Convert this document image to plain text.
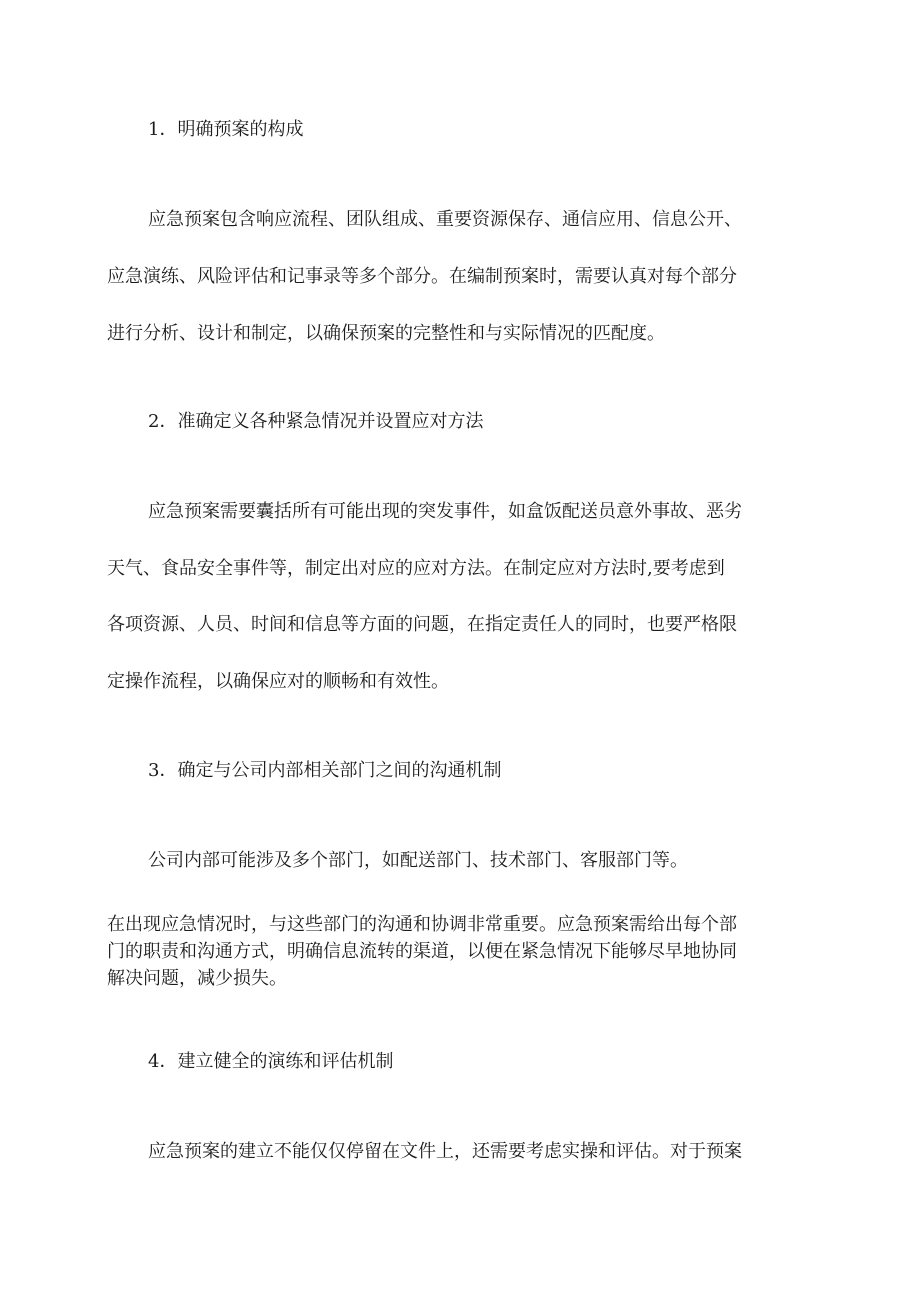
1．明确预案的构成

应急预案包含响应流程、团队组成、重要资源保存、通信应用、信息公开、

应急演练、风险评估和记事录等多个部分。在编制预案时，需要认真对每个部分

进行分析、设计和制定，以确保预案的完整性和与实际情况的匹配度。

2．准确定义各种紧急情况并设置应对方法

应急预案需要囊括所有可能出现的突发事件，如盒饭配送员意外事故、恶劣

天气、食品安全事件等，制定出对应的应对方法。在制定应对方法时,要考虑到

各项资源、人员、时间和信息等方面的问题，在指定责任人的同时，也要严格限

定操作流程，以确保应对的顺畅和有效性。

3．确定与公司内部相关部门之间的沟通机制

公司内部可能涉及多个部门，如配送部门、技术部门、客服部门等。

在出现应急情况时，与这些部门的沟通和协调非常重要。应急预案需给出每个部

门的职责和沟通方式，明确信息流转的渠道，以便在紧急情况下能够尽早地协同

解决问题，减少损失。

4．建立健全的演练和评估机制

应急预案的建立不能仅仅停留在文件上，还需要考虑实操和评估。对于预案
